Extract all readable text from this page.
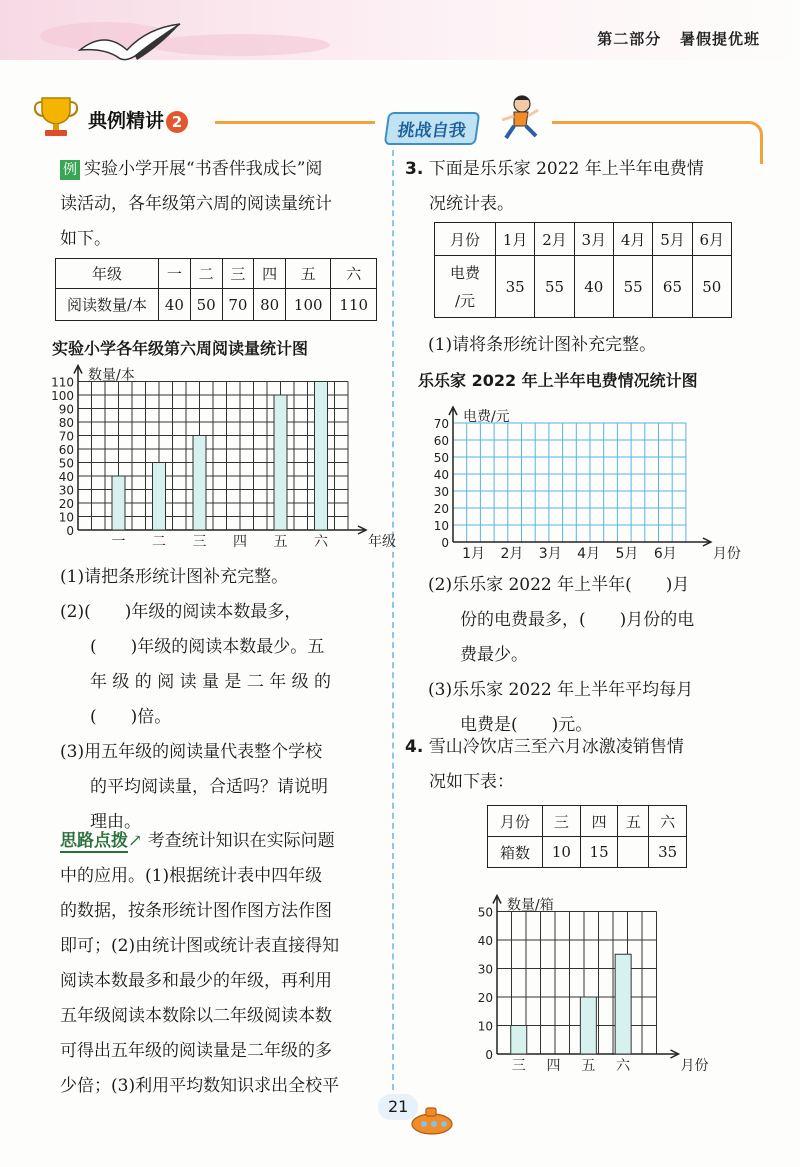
第二部分 暑假提优班
典例精讲 2	挑战自我
例 实验小学开展“书香伴我成长”阅
读活动，各年级第六周的阅读量统计
如下。
年级	一	二	三	四	五	六
阅读数量/本	40	50	70	80	100	110
实验小学各年级第六周阅读量统计图
0
10
20
30
40
50
60
70
80
90
100
110 数量/本
年级
一 二 三 四 五 六
(1)请把条形统计图补充完整。
(2)(　　)年级的阅读本数最多，
(　　)年级的阅读本数最少。五
年 级 的 阅 读 量 是 二 年 级 的
(　　)倍。
(3)用五年级的阅读量代表整个学校
的平均阅读量，合适吗？请说明
理由。
思路点拨↗ 考查统计知识在实际问题
中的应用。(1)根据统计表中四年级
的数据，按条形统计图作图方法作图
即可；(2)由统计图或统计表直接得知
阅读本数最多和最少的年级，再利用
五年级阅读本数除以二年级阅读本数
可得出五年级的阅读量是二年级的多
少倍；(3)利用平均数知识求出全校平
3. 下面是乐乐家 2022 年上半年电费情
况统计表。
月份	1月	2月	3月	4月	5月	6月

电费
/元	35	55	40	55	65	50
(1)请将条形统计图补充完整。
乐乐家 2022 年上半年电费情况统计图
0
10
20
30
40
50
60
70 电费/元
月份
1月 2月 3月 4月 5月 6月
(2)乐乐家 2022 年上半年(　　)月
份的电费最多，(　　)月份的电
费最少。
(3)乐乐家 2022 年上半年平均每月
电费是(　　)元。
4. 雪山冷饮店三至六月冰激凌销售情
况如下表：
月份	三	四	五	六
箱数	10	15		35
0
10
20
30
40
50 数量/箱
月份
三 四 五 六
21
